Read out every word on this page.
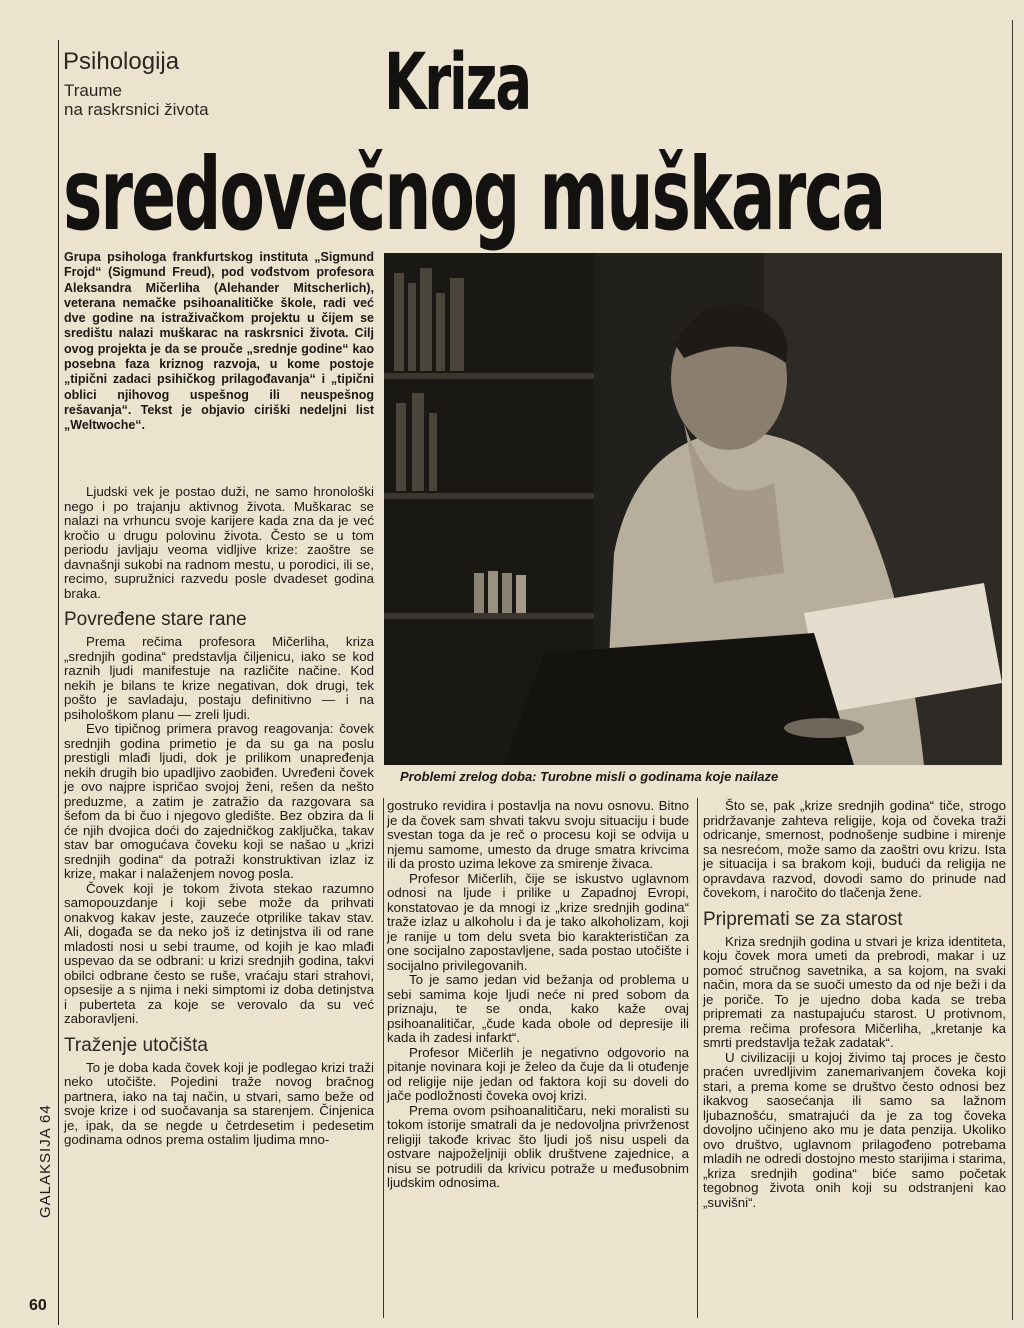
Psihologija
Traume
na raskrsnici života Kriza
sredovečnog muškarca
Grupa psihologa frankfurtskog instituta „Sigmund Frojd“ (Sigmund Freud), pod vođstvom profesora Aleksandra Mičerliha (Alehander Mitscherlich), veterana nemačke psihoanalitičke škole, radi već dve godine na istraživačkom projektu u čijem se središtu nalazi muškarac na raskrsnici života. Cilj ovog projekta je da se prouče „srednje godine“ kao posebna faza kriznog razvoja, u kome postoje „tipični zadaci psihičkog prilagođavanja“ i „tipični oblici njihovog uspešnog ili neuspešnog rešavanja“. Tekst je objavio ciriški nedeljni list „Weltwoche“.
Problemi zrelog doba: Turobne misli o godinama koje nailaze

Ljudski vek je postao duži, ne samo hronološki nego i po trajanju aktivnog života. Muškarac se nalazi na vrhuncu svoje karijere kada zna da je već kročio u drugu polovinu života. Često se u tom periodu javljaju veoma vidljive krize: zaoštre se davnašnji sukobi na radnom mestu, u porodici, ili se, recimo, supružnici razvedu posle dvadeset godina braka.

Povređene stare rane

Prema rečima profesora Mičerliha, kriza „srednjih godina“ predstavlja čiljenicu, iako se kod raznih ljudi manifestuje na različite načine. Kod nekih je bilans te krize negativan, dok drugi, tek pošto je savladaju, postaju definitivno — i na psihološkom planu — zreli ljudi.

Evo tipičnog primera pravog reagovanja: čovek srednjih godina primetio je da su ga na poslu prestigli mlađi ljudi, dok je prilikom unapređenja nekih drugih bio upadljivo zaobiđen. Uvređeni čovek je ovo najpre ispričao svojoj ženi, rešen da nešto preduzme, a zatim je zatražio da razgovara sa šefom da bi čuo i njegovo gledište. Bez obzira da li će njih dvojica doći do zajedničkog zaključka, takav stav bar omogućava čoveku koji se našao u „krizi srednjih godina“ da potraži konstruktivan izlaz iz krize, makar i nalaženjem novog posla.

Čovek koji je tokom života stekao razumno samopouzdanje i koji sebe može da prihvati onakvog kakav jeste, zauzeće otprilike takav stav. Ali, događa se da neko još iz detinjstva ili od rane mladosti nosi u sebi traume, od kojih je kao mlađi uspevao da se odbrani: u krizi srednjih godina, takvi obilci odbrane često se ruše, vraćaju stari strahovi, opsesije a s njima i neki simptomi iz doba detinjstva i puberteta za koje se verovalo da su već zaboravljeni.

Traženje utočišta

To je doba kada čovek koji je podlegao krizi traži neko utočište. Pojedini traže novog bračnog partnera, iako na taj način, u stvari, samo beže od svoje krize i od suočavanja sa starenjem. Činjenica je, ipak, da se negde u četrdesetim i pedesetim godinama odnos prema ostalim ljudima mno-

gostruko revidira i postavlja na novu osnovu. Bitno je da čovek sam shvati takvu svoju situaciju i bude svestan toga da je reč o procesu koji se odvija u njemu samome, umesto da druge smatra krivcima ili da prosto uzima lekove za smirenje živaca.

Profesor Mičerlih, čije se iskustvo uglavnom odnosi na ljude i prilike u Zapadnoj Evropi, konstatovao je da mnogi iz „krize srednjih godina“ traže izlaz u alkoholu i da je tako alkoholizam, koji je ranije u tom delu sveta bio karakterističan za one socijalno zapostavljene, sada postao utočište i socijalno privilegovanih.

To je samo jedan vid bežanja od problema u sebi samima koje ljudi neće ni pred sobom da priznaju, te se onda, kako kaže ovaj psihoanalitičar, „čude kada obole od depresije ili kada ih zadesi infarkt“.

Profesor Mičerlih je negativno odgovorio na pitanje novinara koji je želeo da čuje da li otuđenje od religije nije jedan od faktora koji su doveli do jače podložnosti čoveka ovoj krizi.

Prema ovom psihoanalitičaru, neki moralisti su tokom istorije smatrali da je nedovoljna privrženost religiji takođe krivac što ljudi još nisu uspeli da ostvare najpoželjniji oblik društvene zajednice, a nisu se potrudili da krivicu potraže u međusobnim ljudskim odnosima.

Što se, pak „krize srednjih godina“ tiče, strogo pridržavanje zahteva religije, koja od čoveka traži odricanje, smernost, podnošenje sudbine i mirenje sa nesrećom, može samo da zaoštri ovu krizu. Ista je situacija i sa brakom koji, budući da religija ne opravdava razvod, dovodi samo do prinude nad čovekom, i naročito do tlačenja žene.

Pripremati se za starost

Kriza srednjih godina u stvari je kriza identiteta, koju čovek mora umeti da prebrodi, makar i uz pomoć stručnog savetnika, a sa kojom, na svaki način, mora da se suoči umesto da od nje beži i da je poriče. To je ujedno doba kada se treba pripremati za nastupajuću starost. U protivnom, prema rečima profesora Mičerliha, „kretanje ka smrti predstavlja težak zadatak“.

U civilizaciji u kojoj živimo taj proces je često praćen uvredljivim zanemarivanjem čoveka koji stari, a prema kome se društvo često odnosi bez ikakvog saosećanja ili samo sa lažnom ljubaznošću, smatrajući da je za tog čoveka dovoljno učinjeno ako mu je data penzija. Ukoliko ovo društvo, uglavnom prilagođeno potrebama mladih ne odredi dostojno mesto starijima i starima, „kriza srednjih godina“ biće samo početak tegobnog života onih koji su odstranjeni kao „suvišni“.

GALAKSIJA 64
60
